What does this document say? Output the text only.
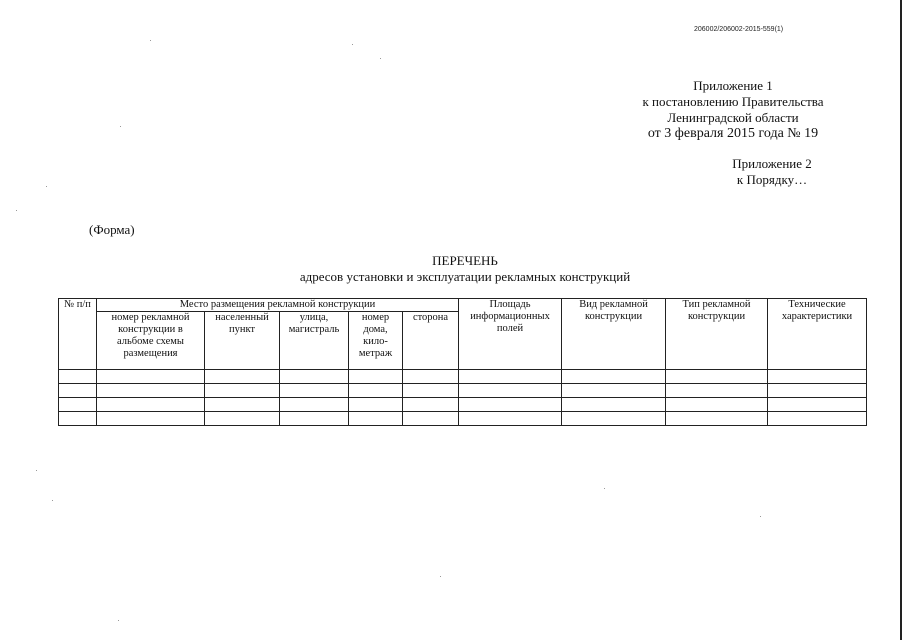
206002/206002-2015-559(1)
Приложение 1
к постановлению Правительства
Ленинградской области
от 3 февраля 2015 года № 19
Приложение 2
к Порядку…
(Форма)
ПЕРЕЧЕНЬ
адресов установки и эксплуатации рекламных конструкций
№ п/п	Место размещения рекламной конструкции					Площадь информационных полей	Вид рекламной конструкции	Тип рекламной конструкции	Технические характеристики
	номер рекламной конструкции в альбоме схемы размещения	населенный пункт	улица, магистраль	номер дома, кило-метраж	сторона				
